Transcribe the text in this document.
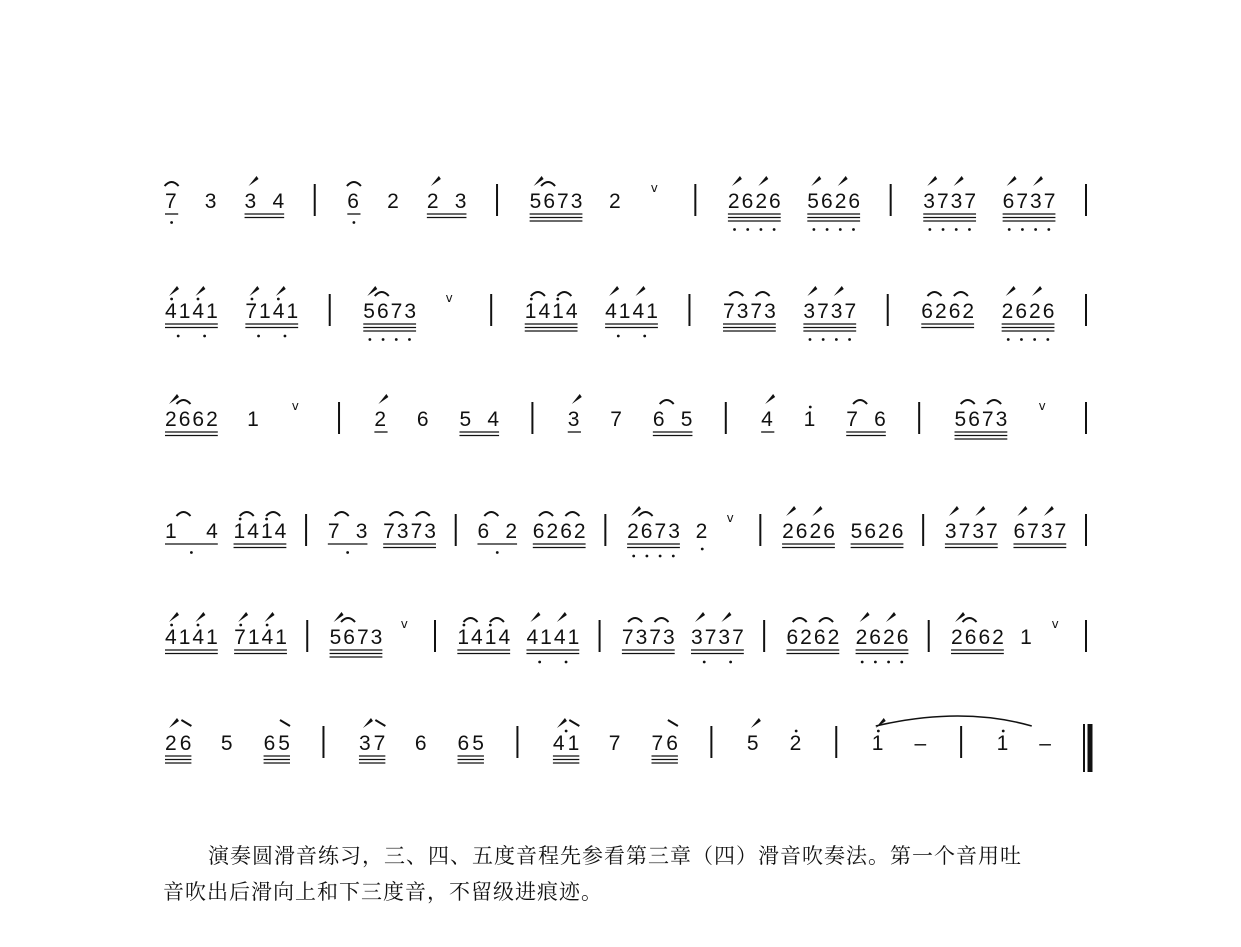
7 3 3 4	6 2 2 3	5673 2
v
2626 5626	3737 6737
4141 7141	5673
v
1414 4141	7373 3737	6262 2626
2662 1
v
2 6 5 4	3 7 6 5	4 1 7 6	5673
v
1 4 1414 7 3 7373 6 2 6262 2673 2
v
2626 5626 3737 6737
4141 7141 5673
v
1414 4141 7373 3737 6262 2626 2662 1
v
26 5 65	37 6 65	41 7 76	5 2	1 –	1 –
演奏圆滑音练习，三、四、五度音程先参看第三章（四）滑音吹奏法。第一个音用吐
音吹出后滑向上和下三度音，不留级进痕迹。
